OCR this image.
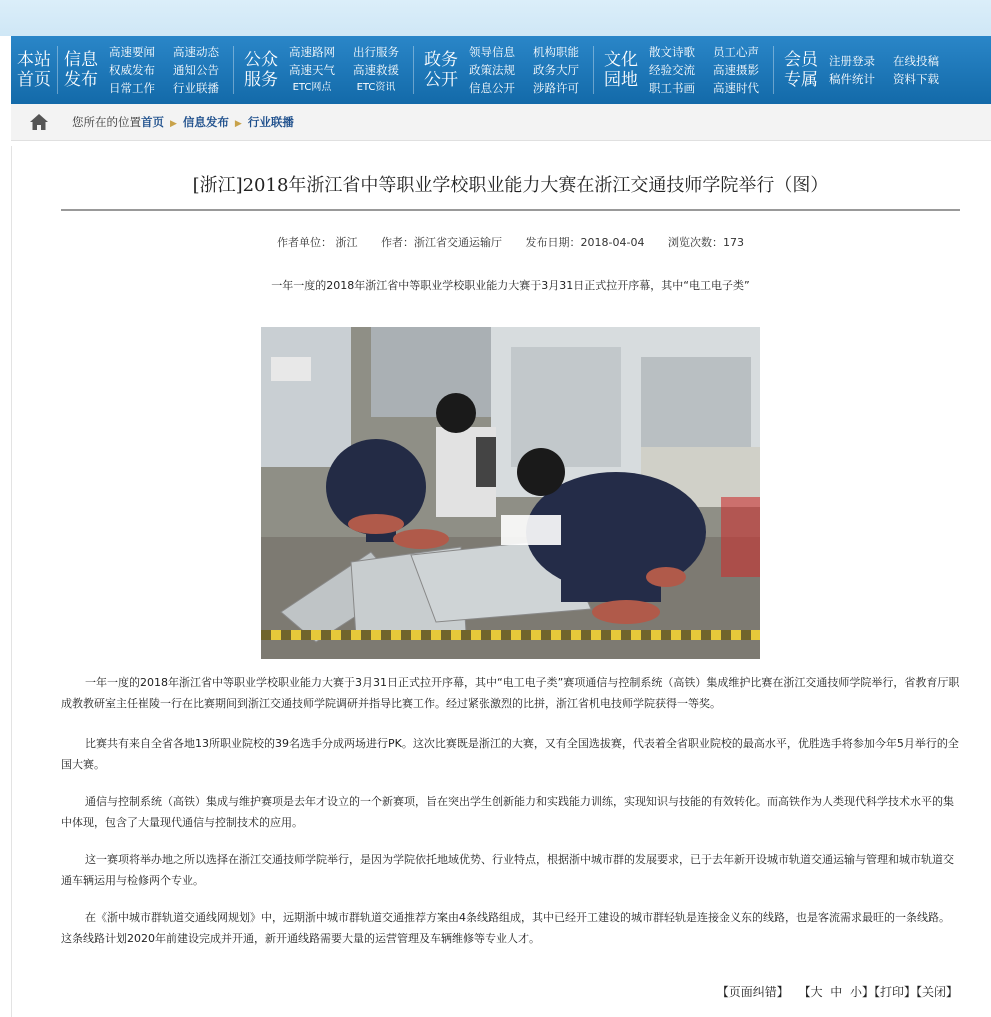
本站首页
信息发布
高速要闻
权威发布
日常工作
高速动态
通知公告
行业联播
公众服务
高速路网
高速天气
ETC网点
出行服务
高速救援
ETC资讯
政务公开
领导信息
政策法规
信息公开
机构职能
政务大厅
涉路许可
文化园地
散文诗歌
经验交流
职工书画
员工心声
高速摄影
高速时代
会员专属
注册登录
稿件统计
在线投稿
资料下载
您所在的位置首页 ▶ 信息发布 ▶ 行业联播
[浙江]2018年浙江省中等职业学校职业能力大赛在浙江交通技师学院举行（图）
作者单位： 浙江 作者：浙江省交通运输厅 发布日期：2018-04-04 浏览次数：173
一年一度的2018年浙江省中等职业学校职业能力大赛于3月31日正式拉开序幕，其中“电工电子类”

一年一度的2018年浙江省中等职业学校职业能力大赛于3月31日正式拉开序幕，其中“电工电子类”赛项通信与控制系统（高铁）集成维护比赛在浙江交通技师学院举行，省教育厅职成教教研室主任崔陵一行在比赛期间到浙江交通技师学院调研并指导比赛工作。经过紧张激烈的比拼，浙江省机电技师学院获得一等奖。

比赛共有来自全省各地13所职业院校的39名选手分成两场进行PK。这次比赛既是浙江的大赛，又有全国选拔赛，代表着全省职业院校的最高水平，优胜选手将参加今年5月举行的全国大赛。

通信与控制系统（高铁）集成与维护赛项是去年才设立的一个新赛项，旨在突出学生创新能力和实践能力训练，实现知识与技能的有效转化。而高铁作为人类现代科学技术水平的集中体现，包含了大量现代通信与控制技术的应用。

这一赛项将举办地之所以选择在浙江交通技师学院举行，是因为学院依托地域优势、行业特点，根据浙中城市群的发展要求，已于去年新开设城市轨道交通运输与管理和城市轨道交通车辆运用与检修两个专业。

在《浙中城市群轨道交通线网规划》中，远期浙中城市群轨道交通推荐方案由4条线路组成，其中已经开工建设的城市群轻轨是连接金义东的线路，也是客流需求最旺的一条线路。这条线路计划2020年前建设完成并开通，新开通线路需要大量的运营管理及车辆维修等专业人才。

【页面纠错】 【大 中 小】【打印】【关闭】
